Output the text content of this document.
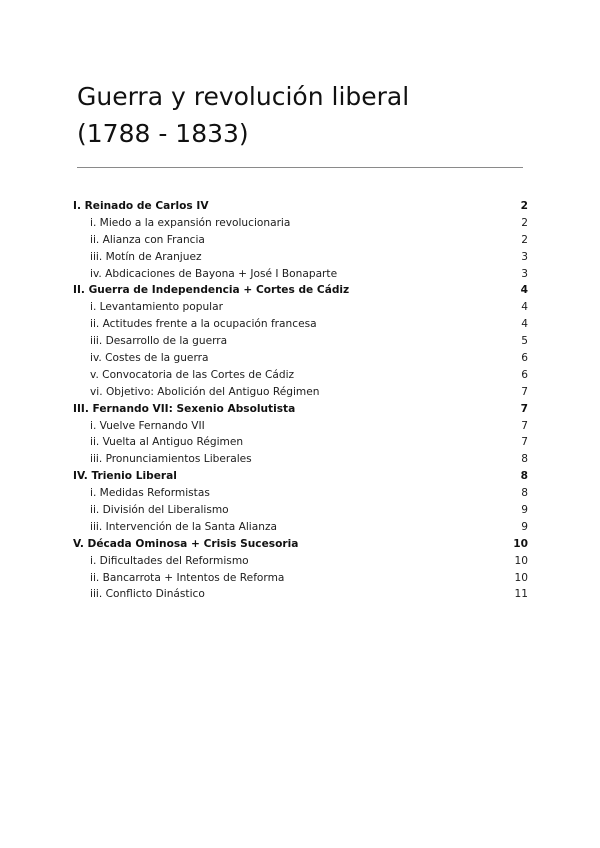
Guerra y revolución liberal
(1788 - 1833)
I. Reinado de Carlos IV	2
i. Miedo a la expansión revolucionaria	2
ii. Alianza con Francia	2
iii. Motín de Aranjuez	3
iv. Abdicaciones de Bayona + José I Bonaparte	3
II. Guerra de Independencia + Cortes de Cádiz	4
i. Levantamiento popular	4
ii. Actitudes frente a la ocupación francesa	4
iii. Desarrollo de la guerra	5
iv. Costes de la guerra	6
v. Convocatoria de las Cortes de Cádiz	6
vi. Objetivo: Abolición del Antiguo Régimen	7
III. Fernando VII: Sexenio Absolutista	7
i. Vuelve Fernando VII	7
ii. Vuelta al Antiguo Régimen	7
iii. Pronunciamientos Liberales	8
IV. Trienio Liberal	8
i. Medidas Reformistas	8
ii. División del Liberalismo	9
iii. Intervención de la Santa Alianza	9
V. Década Ominosa + Crisis Sucesoria	10
i. Dificultades del Reformismo	10
ii. Bancarrota + Intentos de Reforma	10
iii. Conflicto Dinástico	11
